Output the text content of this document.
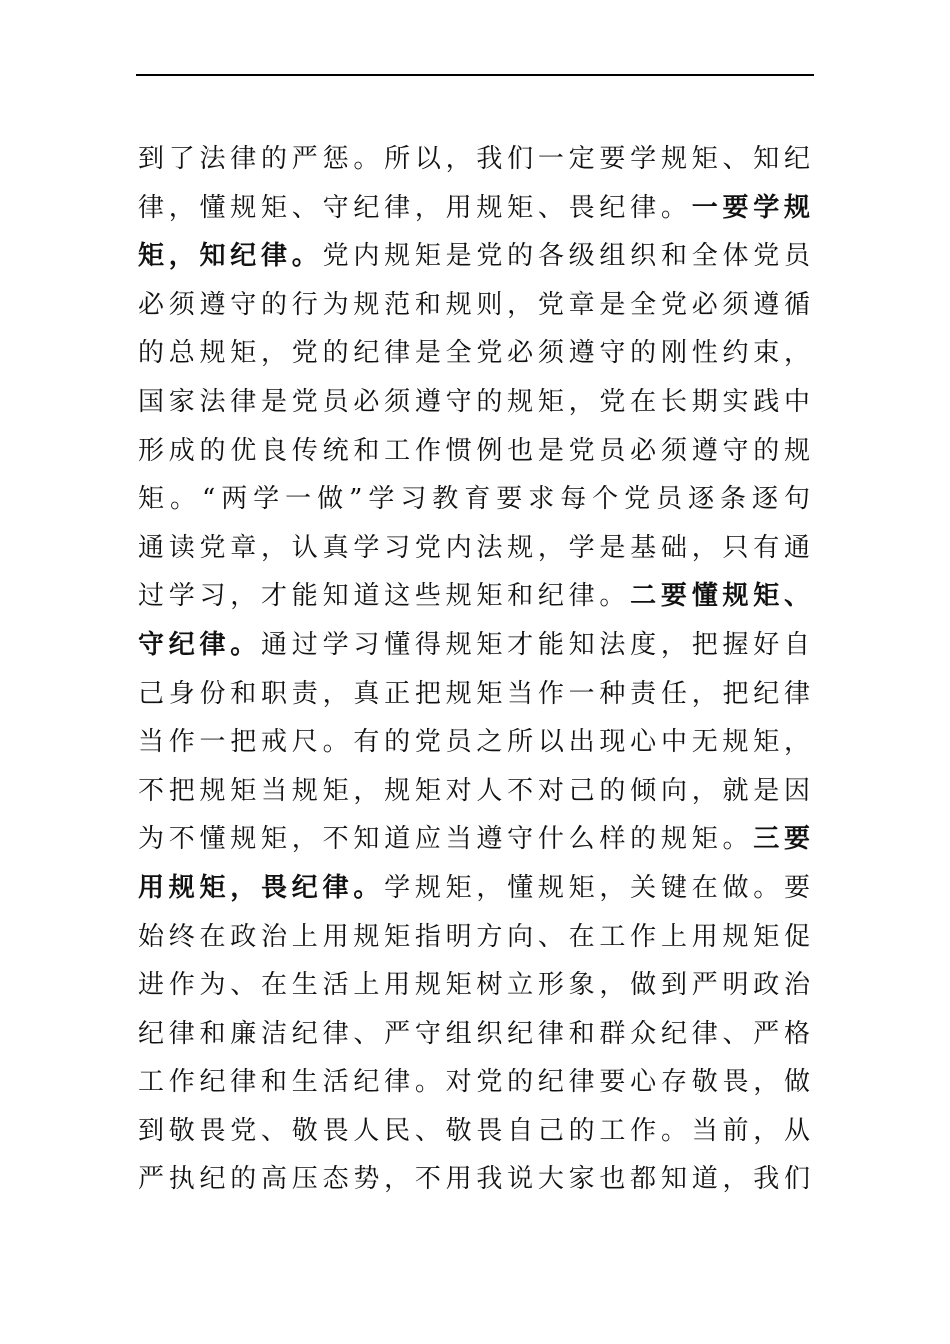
到了法律的严惩。所以，我们一定要学规矩、知纪
律，懂规矩、守纪律，用规矩、畏纪律。一要学规
矩，知纪律。党内规矩是党的各级组织和全体党员
必须遵守的行为规范和规则，党章是全党必须遵循
的总规矩，党的纪律是全党必须遵守的刚性约束，
国家法律是党员必须遵守的规矩，党在长期实践中
形成的优良传统和工作惯例也是党员必须遵守的规
矩。“两学一做”学习教育要求每个党员逐条逐句
通读党章，认真学习党内法规，学是基础，只有通
过学习，才能知道这些规矩和纪律。二要懂规矩、
守纪律。通过学习懂得规矩才能知法度，把握好自
己身份和职责，真正把规矩当作一种责任，把纪律
当作一把戒尺。有的党员之所以出现心中无规矩，
不把规矩当规矩，规矩对人不对己的倾向，就是因
为不懂规矩，不知道应当遵守什么样的规矩。三要
用规矩，畏纪律。学规矩，懂规矩，关键在做。要
始终在政治上用规矩指明方向、在工作上用规矩促
进作为、在生活上用规矩树立形象，做到严明政治
纪律和廉洁纪律、严守组织纪律和群众纪律、严格
工作纪律和生活纪律。对党的纪律要心存敬畏，做
到敬畏党、敬畏人民、敬畏自己的工作。当前，从
严执纪的高压态势，不用我说大家也都知道，我们
